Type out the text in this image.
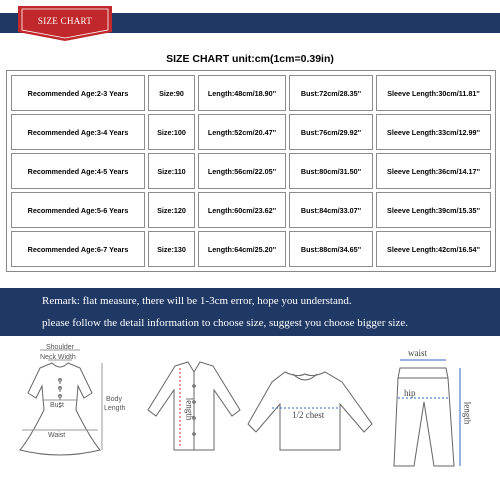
SIZE CHART
SIZE CHART unit:cm(1cm=0.39in)
Recommended Age:2-3 Years	Size:90	Length:48cm/18.90''	Bust:72cm/28.35''	Sleeve Length:30cm/11.81''
Recommended Age:3-4 Years	Size:100	Length:52cm/20.47''	Bust:76cm/29.92''	Sleeve Length:33cm/12.99''
Recommended Age:4-5 Years	Size:110	Length:56cm/22.05''	Bust:80cm/31.50''	Sleeve Length:36cm/14.17''
Recommended Age:5-6 Years	Size:120	Length:60cm/23.62''	Bust:84cm/33.07''	Sleeve Length:39cm/15.35''
Recommended Age:6-7 Years	Size:130	Length:64cm/25.20''	Bust:88cm/34.65''	Sleeve Length:42cm/16.54''
Remark: flat measure, there will be 1-3cm error, hope you understand.
please follow the detail information to choose size, suggest you choose bigger size.
Shoulder
Neck Width
Bust
Waist
Body
Length	length	1/2 chest
waist
hip
length
